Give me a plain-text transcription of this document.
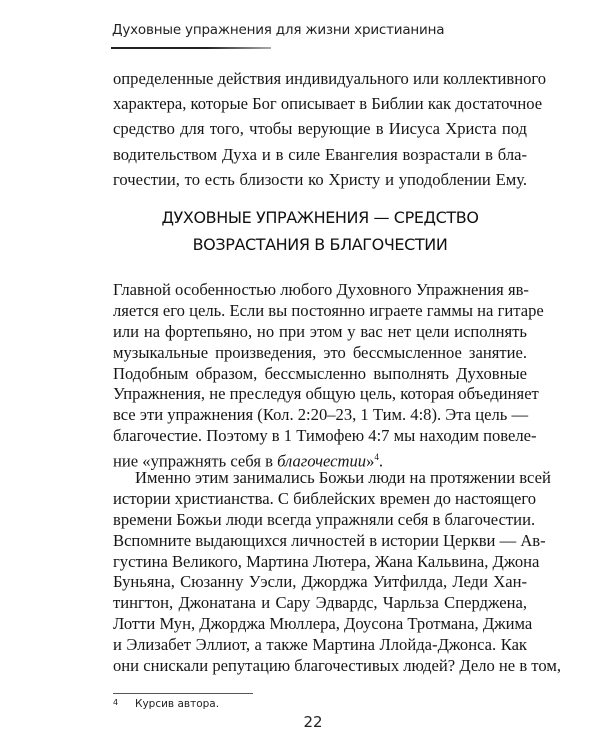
Духовные упражнения для жизни христианина
определенные действия индивидуального или коллективного
характера, которые Бог описывает в Библии как достаточное
средство для того, чтобы верующие в Иисуса Христа под
водительством Духа и в силе Евангелия возрастали в бла-
гочестии, то есть близости ко Христу и уподоблении Ему.
ДУХОВНЫЕ УПРАЖНЕНИЯ — СРЕДСТВО
ВОЗРАСТАНИЯ В БЛАГОЧЕСТИИ
Главной особенностью любого Духовного Упражнения яв-
ляется его цель. Если вы постоянно играете гаммы на гитаре
или на фортепьяно, но при этом у вас нет цели исполнять
музыкальные произведения, это бессмысленное занятие.
Подобным образом, бессмысленно выполнять Духовные
Упражнения, не преследуя общую цель, которая объединяет
все эти упражнения (Кол. 2:20–23, 1 Тим. 4:8). Эта цель —
благочестие. Поэтому в 1 Тимофею 4:7 мы находим повеле-
ние «упражнять себя в благочестии»$^4$.
Именно этим занимались Божьи люди на протяжении всей
истории христианства. С библейских времен до настоящего
времени Божьи люди всегда упражняли себя в благочестии.
Вспомните выдающихся личностей в истории Церкви — Ав-
густина Великого, Мартина Лютера, Жана Кальвина, Джона
Буньяна, Сюзанну Уэсли, Джорджа Уитфилда, Леди Хан-
тингтон, Джонатана и Сару Эдвардс, Чарльза Сперджена,
Лотти Мун, Джорджа Мюллера, Доусона Тротмана, Джима
и Элизабет Эллиот, а также Мартина Ллойда-Джонса. Как
они снискали репутацию благочестивых людей? Дело не в том,
4 Курсив автора.
22
